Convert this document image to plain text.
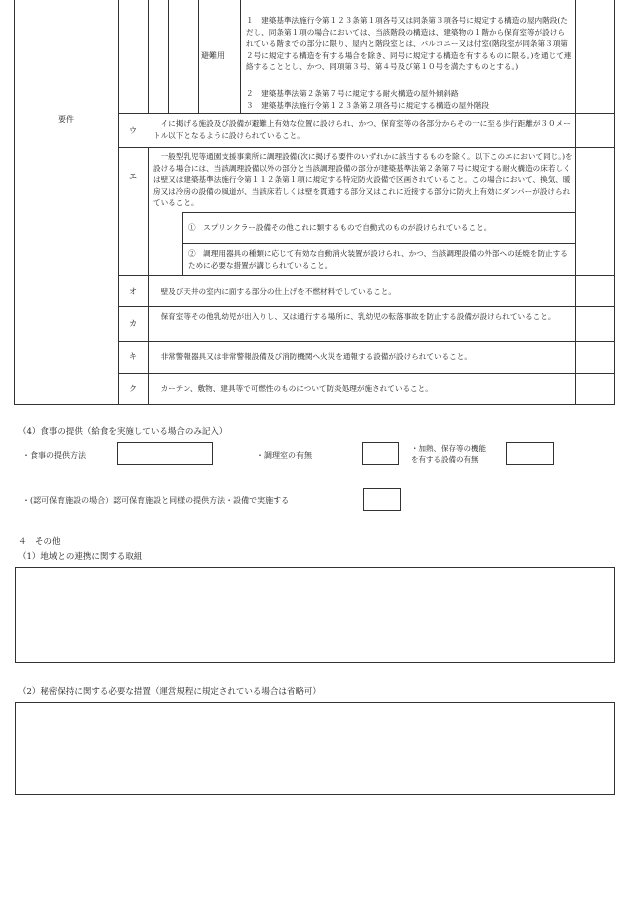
要件
避難用
１　建築基準法施行令第１２３条第１項各号又は同条第３項各号に規定する構造の屋内階段(ただし、同条第１項の場合においては、当該階段の構造は、建築物の１階から保育室等が設けられている階までの部分に限り、屋内と階段室とは、バルコニー又は付室(階段室が同条第３項第２号に規定する構造を有する場合を除き、同号に規定する構造を有するものに限る。)を通じて連絡することとし、かつ、同項第３号、第４号及び第１０号を満たすものとする。)
２　建築基準法第２条第７号に規定する耐火構造の屋外傾斜路
３　建築基準法施行令第１２３条第２項各号に規定する構造の屋外階段
ウ
エ
オ
カ
キ
ク
　イに掲げる施設及び設備が避難上有効な位置に設けられ、かつ、保育室等の各部分からその一に至る歩行距離が３０メートル以下となるように設けられていること。
　一般型乳児等通園支援事業所に調理設備(次に掲げる要件のいずれかに該当するものを除く。以下このエにおいて同じ。)を設ける場合には、当該調理設備以外の部分と当該調理設備の部分が建築基準法第２条第７号に規定する耐火構造の床若しくは壁又は建築基準法施行令第１１２条第１項に規定する特定防火設備で区画されていること。この場合において、換気、暖房又は冷房の設備の風道が、当該床若しくは壁を貫通する部分又はこれに近接する部分に防火上有効にダンパーが設けられていること。
①　スプリンクラー設備その他これに類するもので自動式のものが設けられていること。
②　調理用器具の種類に応じて有効な自動消火装置が設けられ、かつ、当該調理設備の外部への延焼を防止するために必要な措置が講じられていること。
　壁及び天井の室内に面する部分の仕上げを不燃材料でしていること。
　保育室等その他乳幼児が出入りし、又は通行する場所に、乳幼児の転落事故を防止する設備が設けられていること。
　非常警報器具又は非常警報設備及び消防機関へ火災を通報する設備が設けられていること。
　カーテン、敷物、建具等で可燃性のものについて防炎処理が施されていること。
（4）食事の提供（給食を実施している場合のみ記入）
・食事の提供方法	・調理室の有無
・加熱、保存等の機能
を有する設備の有無
・(認可保育施設の場合）認可保育施設と同様の提供方法・設備で実施する
４　その他
（1）地域との連携に関する取組
（2）秘密保持に関する必要な措置（運営規程に規定されている場合は省略可）
